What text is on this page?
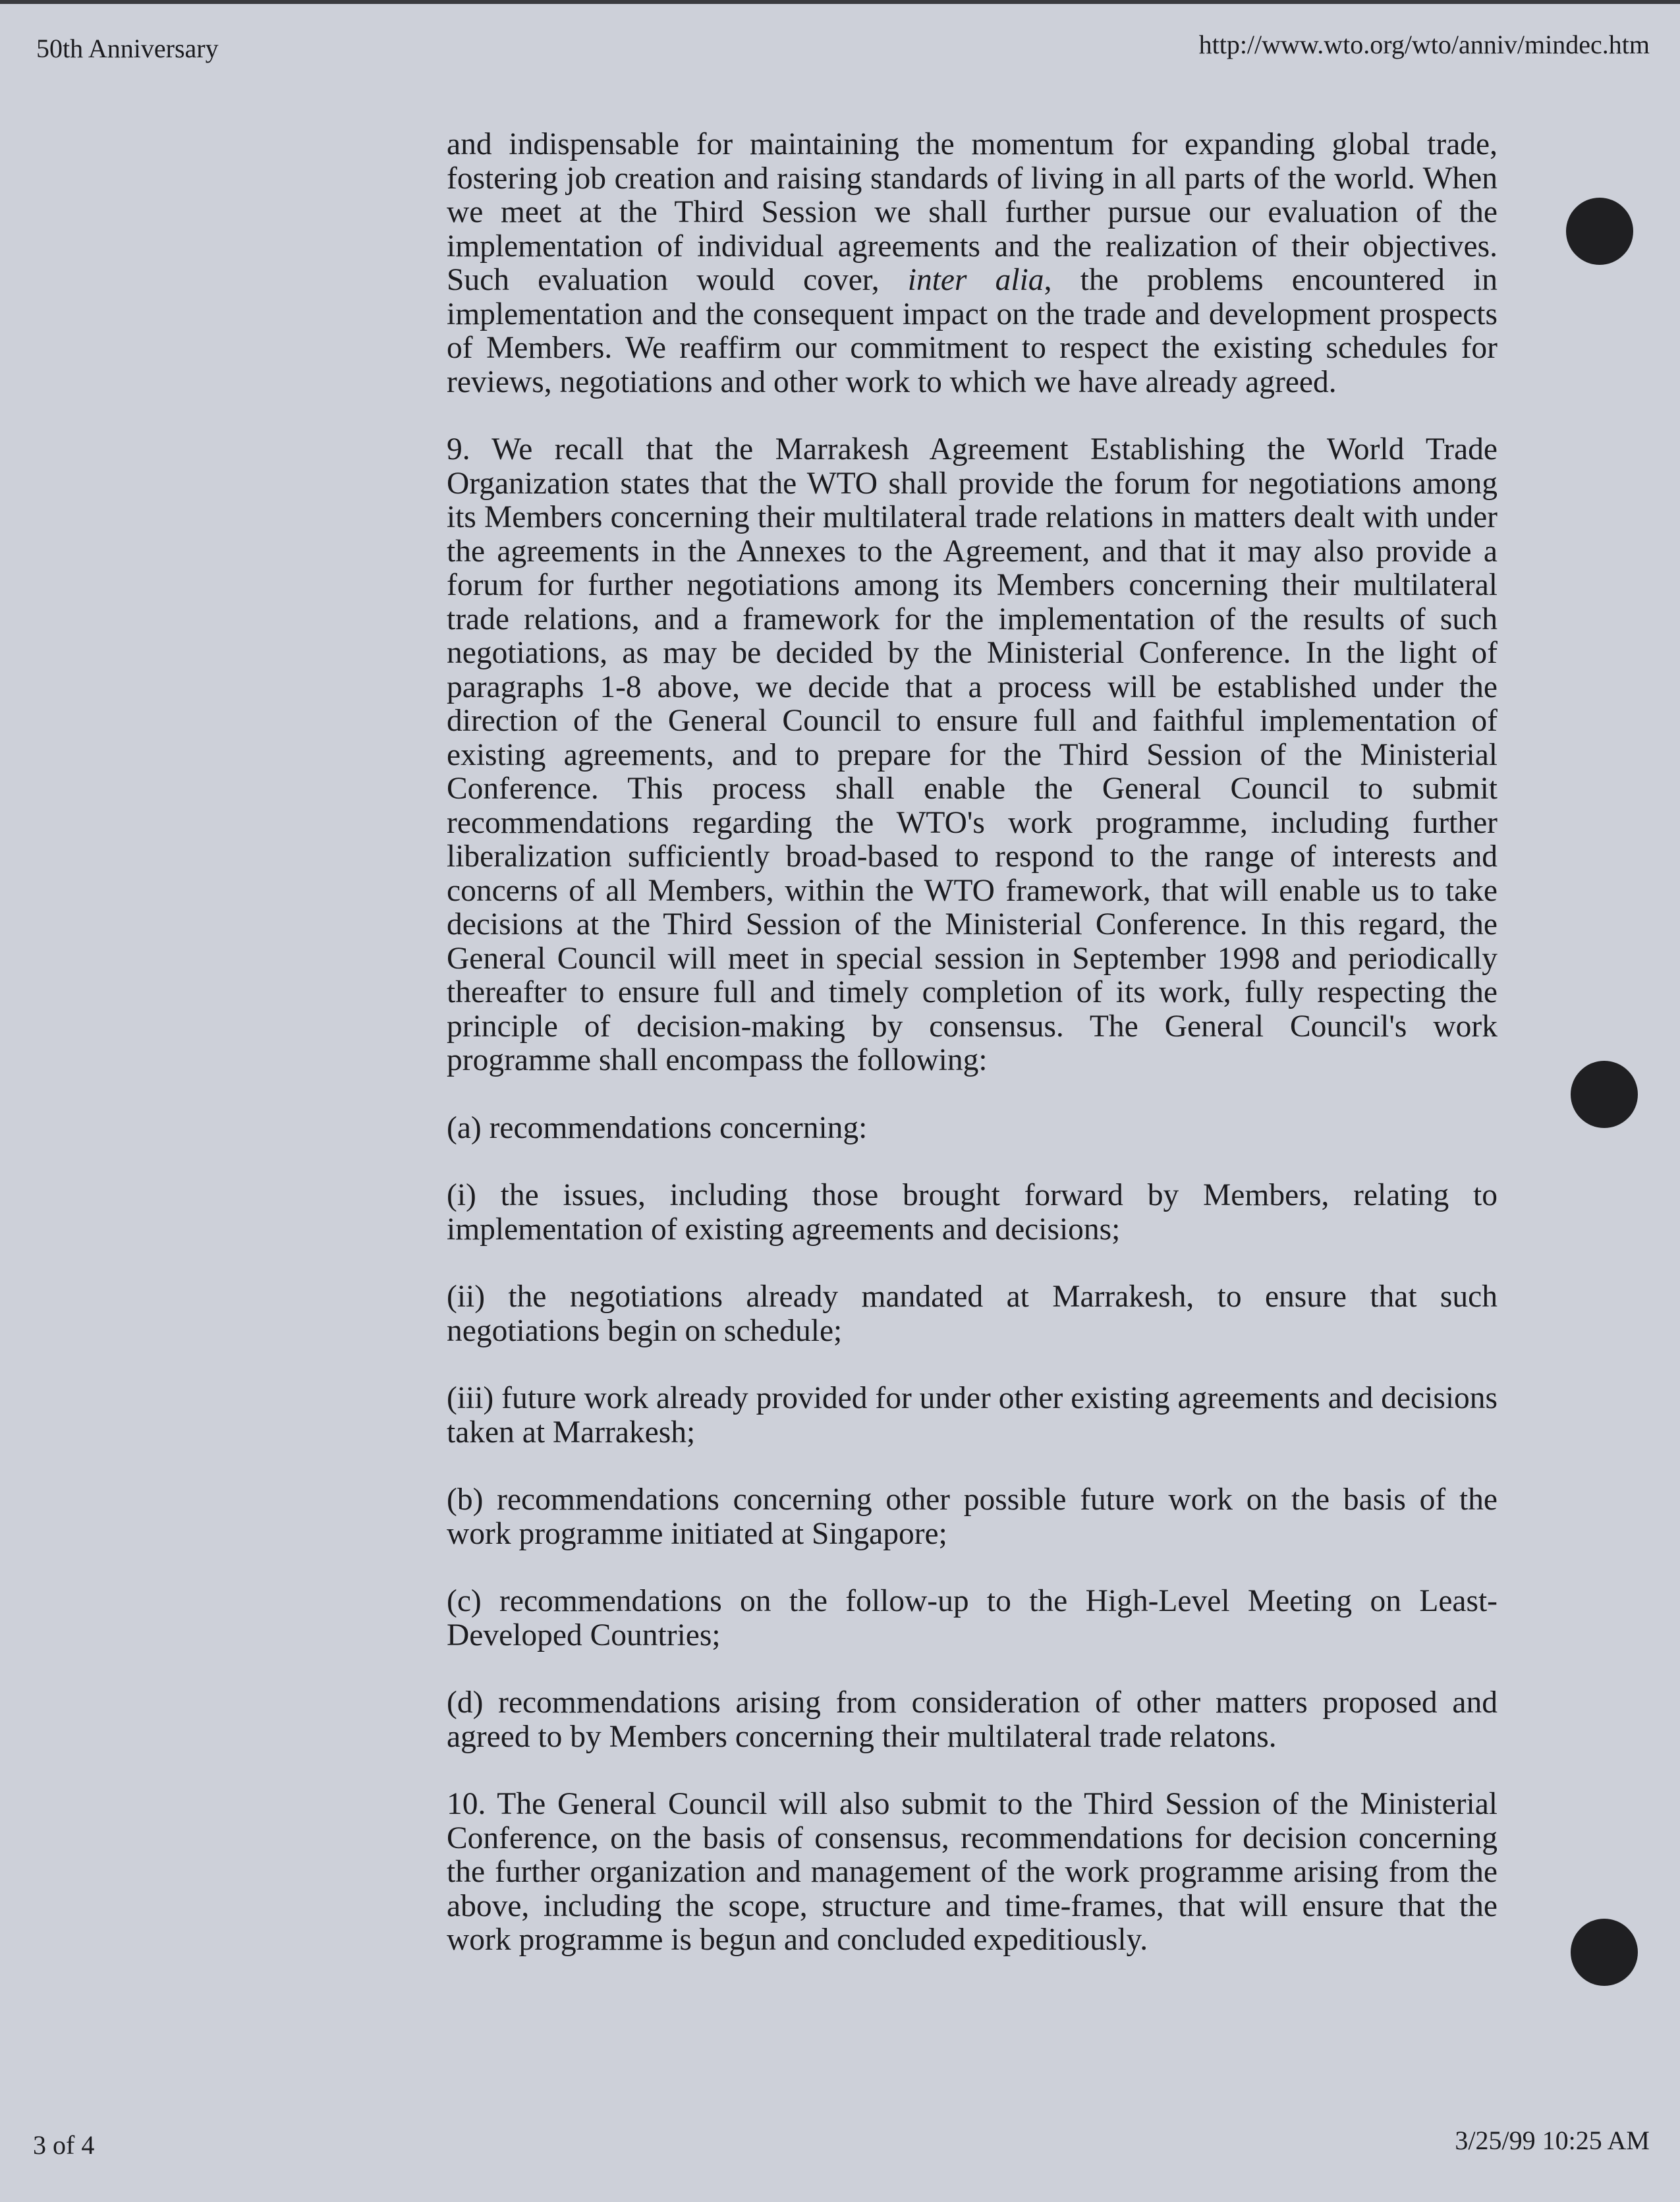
50th Anniversary	http://www.wto.org/wto/anniv/mindec.htm

and indispensable for maintaining the momentum for expanding global trade, fostering job creation and raising standards of living in all parts of the world. When we meet at the Third Session we shall further pursue our evaluation of the implementation of individual agreements and the realization of their objectives. Such evaluation would cover, inter alia, the problems encountered in implementation and the consequent impact on the trade and development prospects of Members. We reaffirm our commitment to respect the existing schedules for reviews, negotiations and other work to which we have already agreed.

9. We recall that the Marrakesh Agreement Establishing the World Trade Organization states that the WTO shall provide the forum for negotiations among its Members concerning their multilateral trade relations in matters dealt with under the agreements in the Annexes to the Agreement, and that it may also provide a forum for further negotiations among its Members concerning their multilateral trade relations, and a framework for the implementation of the results of such negotiations, as may be decided by the Ministerial Conference. In the light of paragraphs 1-8 above, we decide that a process will be established under the direction of the General Council to ensure full and faithful implementation of existing agreements, and to prepare for the Third Session of the Ministerial Conference. This process shall enable the General Council to submit recommendations regarding the WTO's work programme, including further liberalization sufficiently broad-based to respond to the range of interests and concerns of all Members, within the WTO framework, that will enable us to take decisions at the Third Session of the Ministerial Conference. In this regard, the General Council will meet in special session in September 1998 and periodically thereafter to ensure full and timely completion of its work, fully respecting the principle of decision-making by consensus. The General Council's work programme shall encompass the following:

(a) recommendations concerning:

(i) the issues, including those brought forward by Members, relating to implementation of existing agreements and decisions;

(ii) the negotiations already mandated at Marrakesh, to ensure that such negotiations begin on schedule;

(iii) future work already provided for under other existing agreements and decisions taken at Marrakesh;

(b) recommendations concerning other possible future work on the basis of the work programme initiated at Singapore;

(c) recommendations on the follow-up to the High-Level Meeting on Least-Developed Countries;

(d) recommendations arising from consideration of other matters proposed and agreed to by Members concerning their multilateral trade relatons.

10. The General Council will also submit to the Third Session of the Ministerial Conference, on the basis of consensus, recommendations for decision concerning the further organization and management of the work programme arising from the above, including the scope, structure and time-frames, that will ensure that the work programme is begun and concluded expeditiously.

3 of 4	3/25/99 10:25 AM
